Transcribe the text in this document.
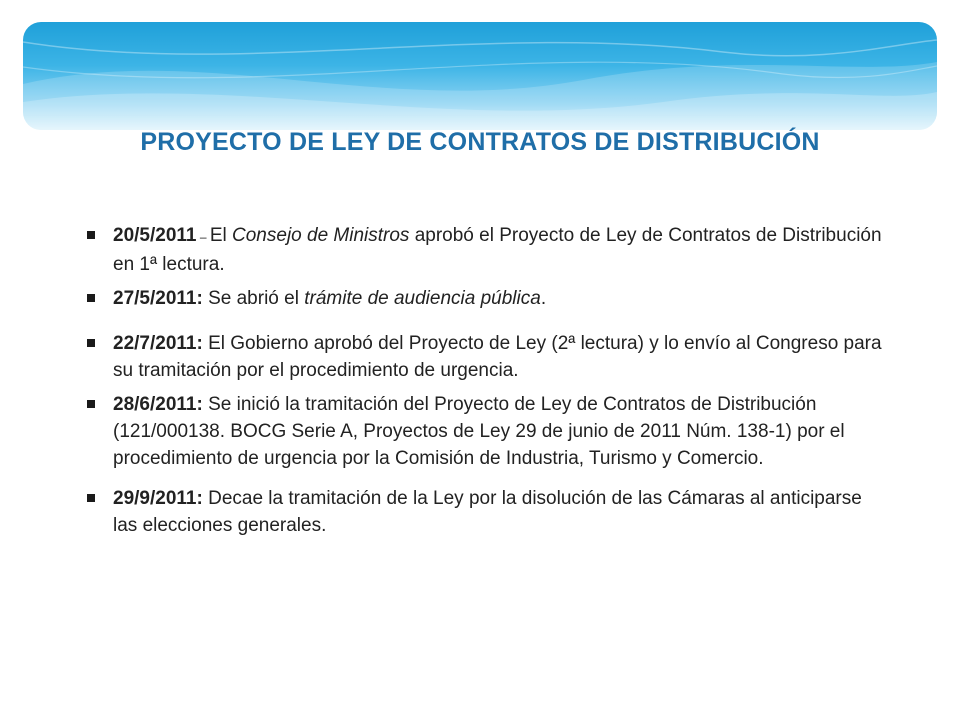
PROYECTO DE LEY DE CONTRATOS DE DISTRIBUCIÓN
20/5/2011 – El Consejo de Ministros aprobó el Proyecto de Ley de Contratos de Distribución en 1ª lectura.
27/5/2011: Se abrió el trámite de audiencia pública.
22/7/2011: El Gobierno aprobó del Proyecto de Ley (2ª lectura) y lo envío al Congreso para su tramitación por el procedimiento de urgencia.
28/6/2011: Se inició la tramitación del Proyecto de Ley de Contratos de Distribución (121/000138. BOCG Serie A, Proyectos de Ley 29 de junio de 2011 Núm. 138-1) por el procedimiento de urgencia por la Comisión de Industria, Turismo y Comercio.
29/9/2011: Decae la tramitación de la Ley por la disolución de las Cámaras al anticiparse las elecciones generales.
